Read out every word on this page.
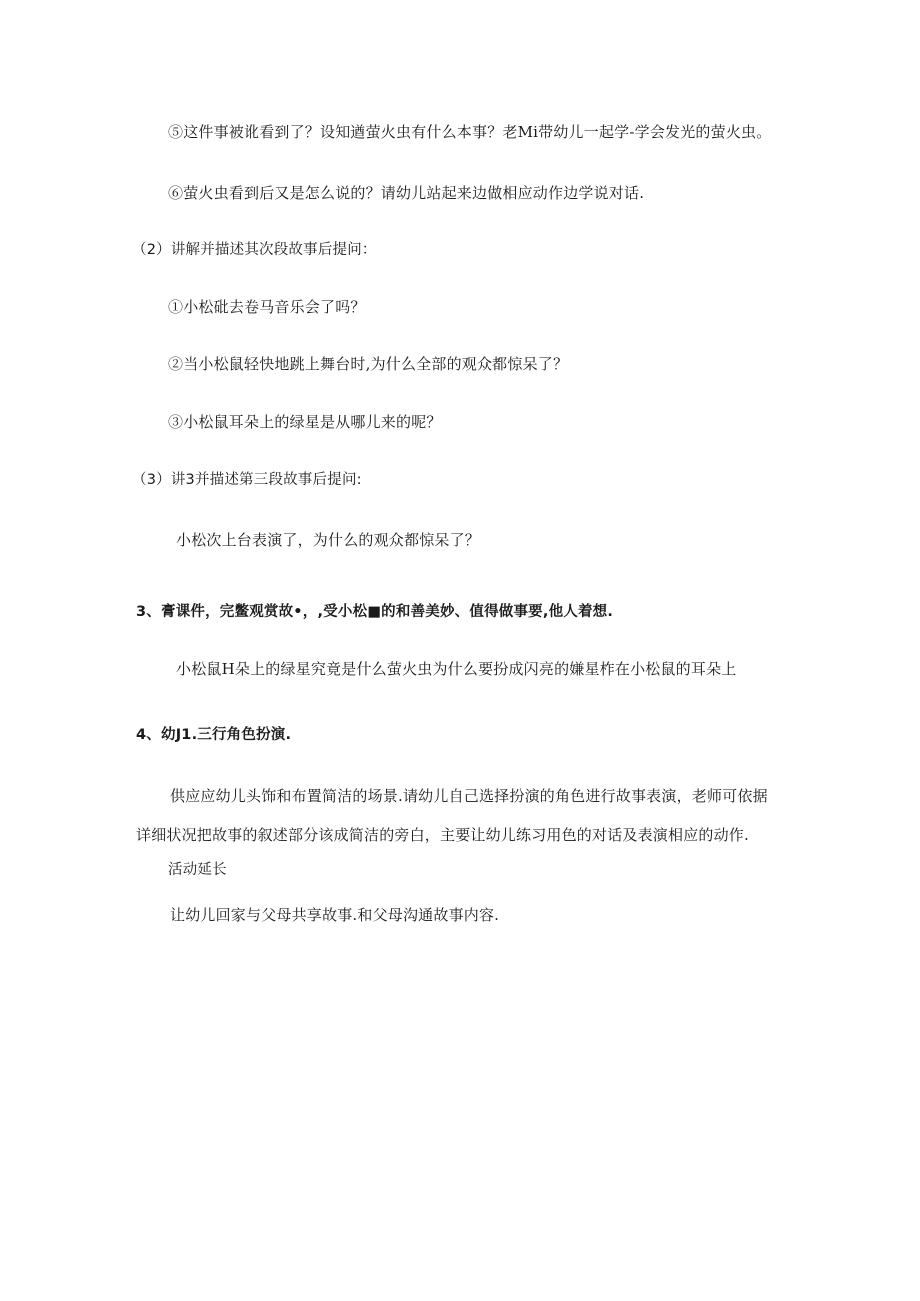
⑤这件事被讹看到了？设知遒萤火虫有什么本事？老Mi带幼儿一起学-学会发光的萤火虫。
⑥萤火虫看到后又是怎么说的？请幼儿站起来边做相应动作边学说对话.
（2）讲解并描述其次段故事后提问：
①小松砒去卷马音乐会了吗？
②当小松鼠轻快地跳上舞台时,为什么全部的观众都惊呆了？
③小松鼠耳朵上的绿星是从哪儿来的呢？
（3）讲3并描述第三段故事后提问:
小松次上台表演了，为什么的观众都惊呆了？
3、膏课件，完鳖观赏故•，,受小松■的和善美妙、值得做事要,他人着想.
小松鼠H朵上的绿星究竟是什么萤火虫为什么要扮成闪亮的嫌星柞在小松鼠的耳朵上
4、幼J1.三行角色扮演.
供应应幼儿头饰和布置简洁的场景.请幼儿自己选择扮演的角色进行故事表演，老师可依据
详细状况把故事的叙述部分该成简洁的旁白，主要让幼儿练习用色的对话及表演相应的动作.
活动延长
让幼儿回家与父母共享故事.和父母沟通故事内容.
